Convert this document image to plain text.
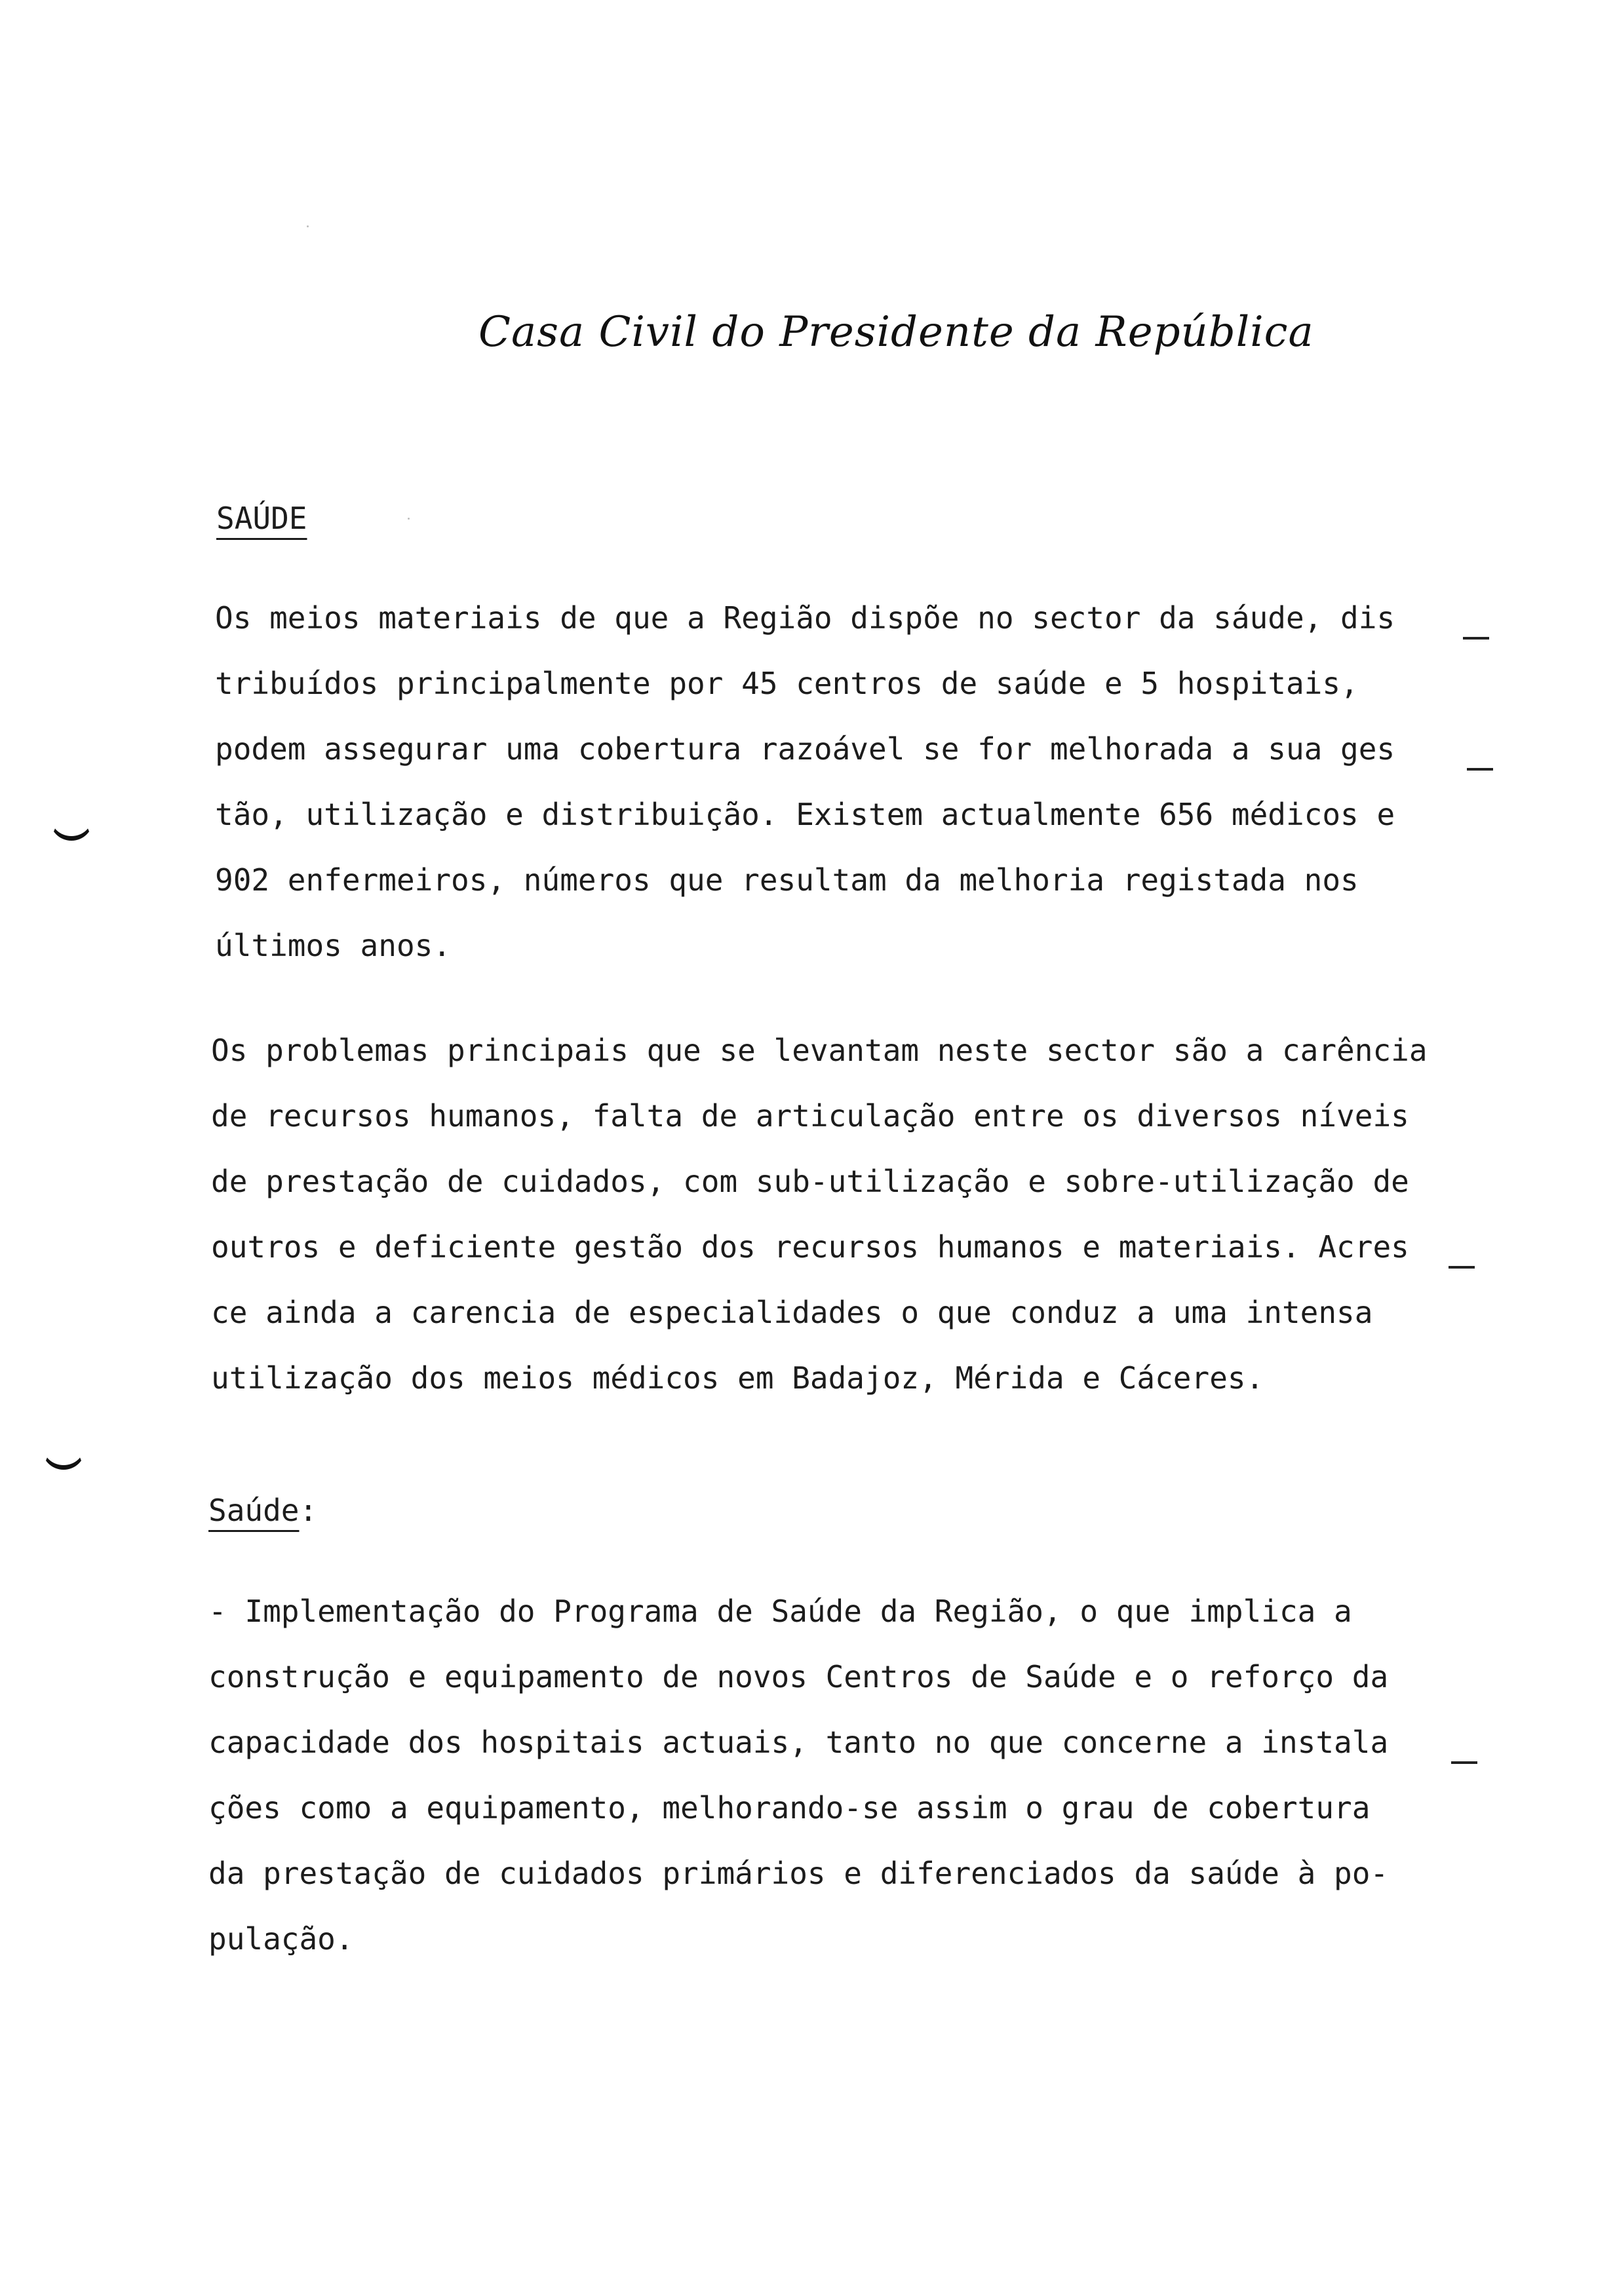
Casa Civil do Presidente da República
SAÚDE
Os meios materiais de que a Região dispõe no sector da sáude, dis
tribuídos principalmente por 45 centros de saúde e 5 hospitais,
podem assegurar uma cobertura razoável se for melhorada a sua ges
tão, utilização e distribuição. Existem actualmente 656 médicos e
902 enfermeiros, números que resultam da melhoria registada nos
últimos anos.
Os problemas principais que se levantam neste sector são a carência
de recursos humanos, falta de articulação entre os diversos níveis
de prestação de cuidados, com sub-utilização e sobre-utilização de
outros e deficiente gestão dos recursos humanos e materiais. Acres
ce ainda a carencia de especialidades o que conduz a uma intensa
utilização dos meios médicos em Badajoz, Mérida e Cáceres.
Saúde:
- Implementação do Programa de Saúde da Região, o que implica a
construção e equipamento de novos Centros de Saúde e o reforço da
capacidade dos hospitais actuais, tanto no que concerne a instala
ções como a equipamento, melhorando-se assim o grau de cobertura
da prestação de cuidados primários e diferenciados da saúde à po-
pulação.
